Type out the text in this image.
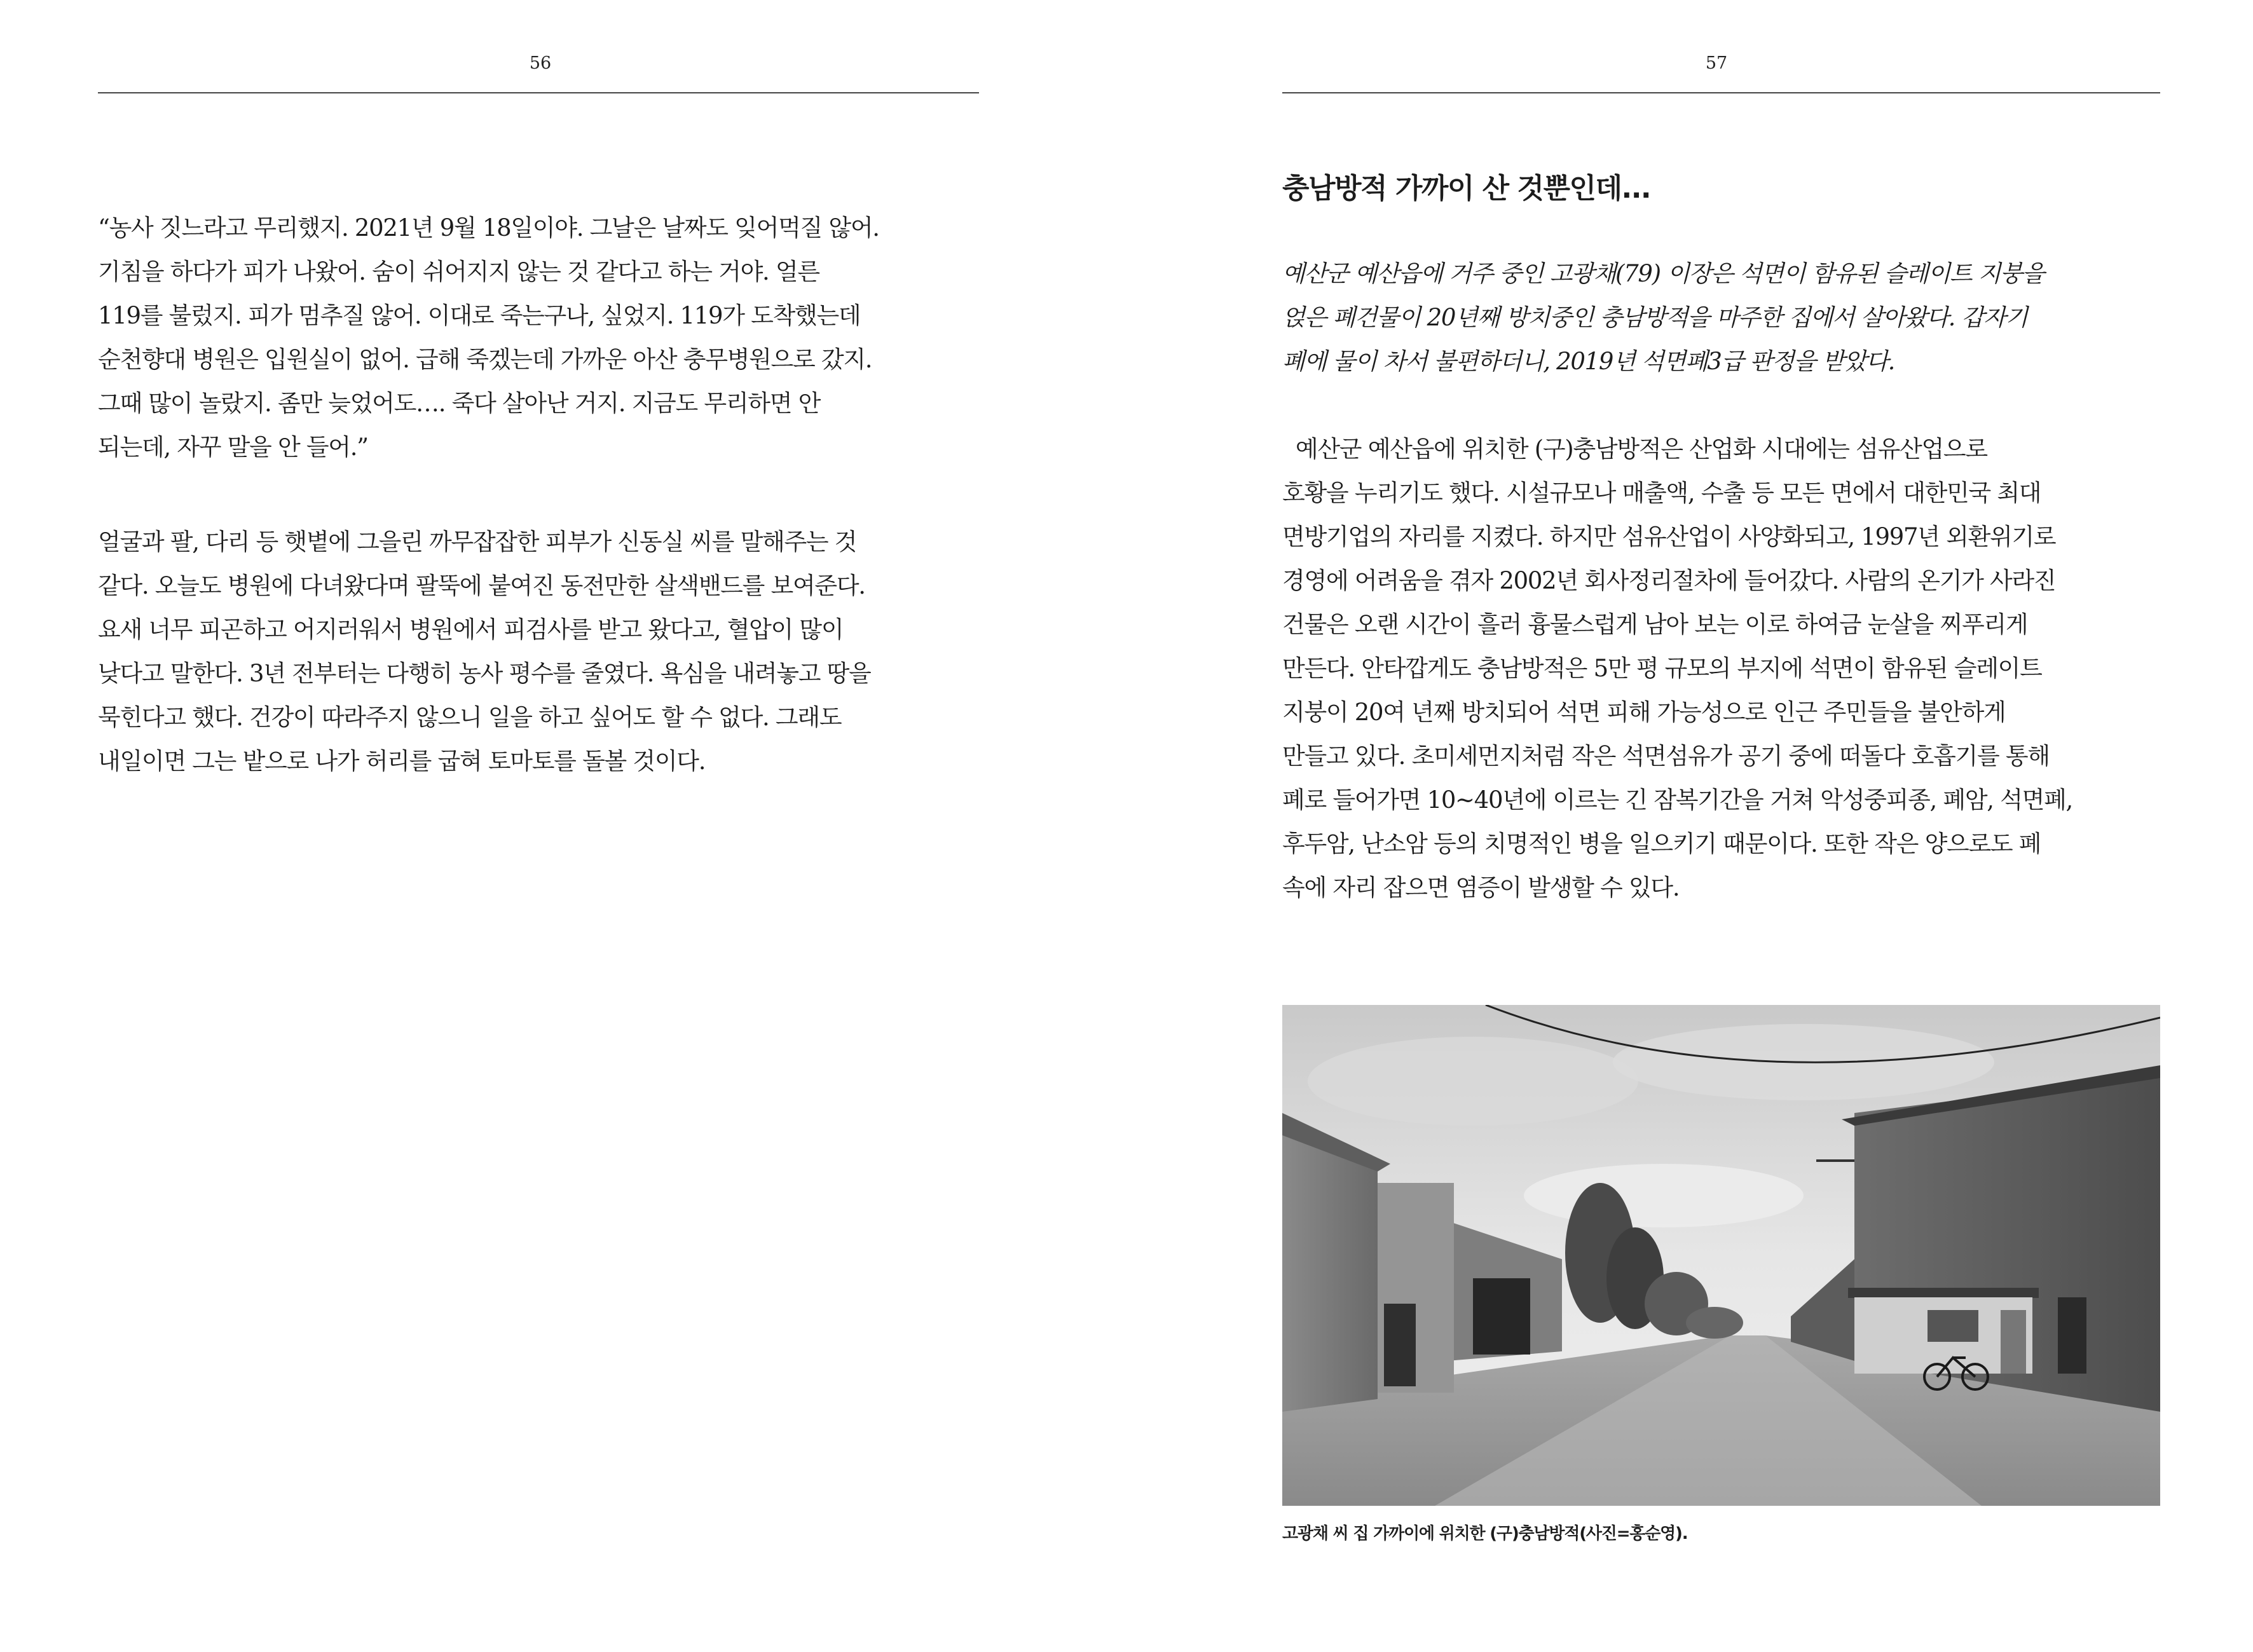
56
“농사 짓느라고 무리했지. 2021년 9월 18일이야. 그날은 날짜도 잊어먹질 않어.
기침을 하다가 피가 나왔어. 숨이 쉬어지지 않는 것 같다고 하는 거야. 얼른
119를 불렀지. 피가 멈추질 않어. 이대로 죽는구나, 싶었지. 119가 도착했는데
순천향대 병원은 입원실이 없어. 급해 죽겠는데 가까운 아산 충무병원으로 갔지.
그때 많이 놀랐지. 좀만 늦었어도…. 죽다 살아난 거지. 지금도 무리하면 안
되는데, 자꾸 말을 안 들어.”
얼굴과 팔, 다리 등 햇볕에 그을린 까무잡잡한 피부가 신동실 씨를 말해주는 것
같다. 오늘도 병원에 다녀왔다며 팔뚝에 붙여진 동전만한 살색밴드를 보여준다.
요새 너무 피곤하고 어지러워서 병원에서 피검사를 받고 왔다고, 혈압이 많이
낮다고 말한다. 3년 전부터는 다행히 농사 평수를 줄였다. 욕심을 내려놓고 땅을
묵힌다고 했다. 건강이 따라주지 않으니 일을 하고 싶어도 할 수 없다. 그래도
내일이면 그는 밭으로 나가 허리를 굽혀 토마토를 돌볼 것이다.
57
충남방적 가까이 산 것뿐인데...
예산군 예산읍에 거주 중인 고광채(79) 이장은 석면이 함유된 슬레이트 지붕을
얹은 폐건물이 20년째 방치중인 충남방적을 마주한 집에서 살아왔다. 갑자기
폐에 물이 차서 불편하더니, 2019년 석면폐3급 판정을 받았다.
예산군 예산읍에 위치한 (구)충남방적은 산업화 시대에는 섬유산업으로
호황을 누리기도 했다. 시설규모나 매출액, 수출 등 모든 면에서 대한민국 최대
면방기업의 자리를 지켰다. 하지만 섬유산업이 사양화되고, 1997년 외환위기로
경영에 어려움을 겪자 2002년 회사정리절차에 들어갔다. 사람의 온기가 사라진
건물은 오랜 시간이 흘러 흉물스럽게 남아 보는 이로 하여금 눈살을 찌푸리게
만든다. 안타깝게도 충남방적은 5만 평 규모의 부지에 석면이 함유된 슬레이트
지붕이 20여 년째 방치되어 석면 피해 가능성으로 인근 주민들을 불안하게
만들고 있다. 초미세먼지처럼 작은 석면섬유가 공기 중에 떠돌다 호흡기를 통해
폐로 들어가면 10~40년에 이르는 긴 잠복기간을 거쳐 악성중피종, 폐암, 석면폐,
후두암, 난소암 등의 치명적인 병을 일으키기 때문이다. 또한 작은 양으로도 폐
속에 자리 잡으면 염증이 발생할 수 있다.
고광채 씨 집 가까이에 위치한 (구)충남방적(사진=홍순영).
